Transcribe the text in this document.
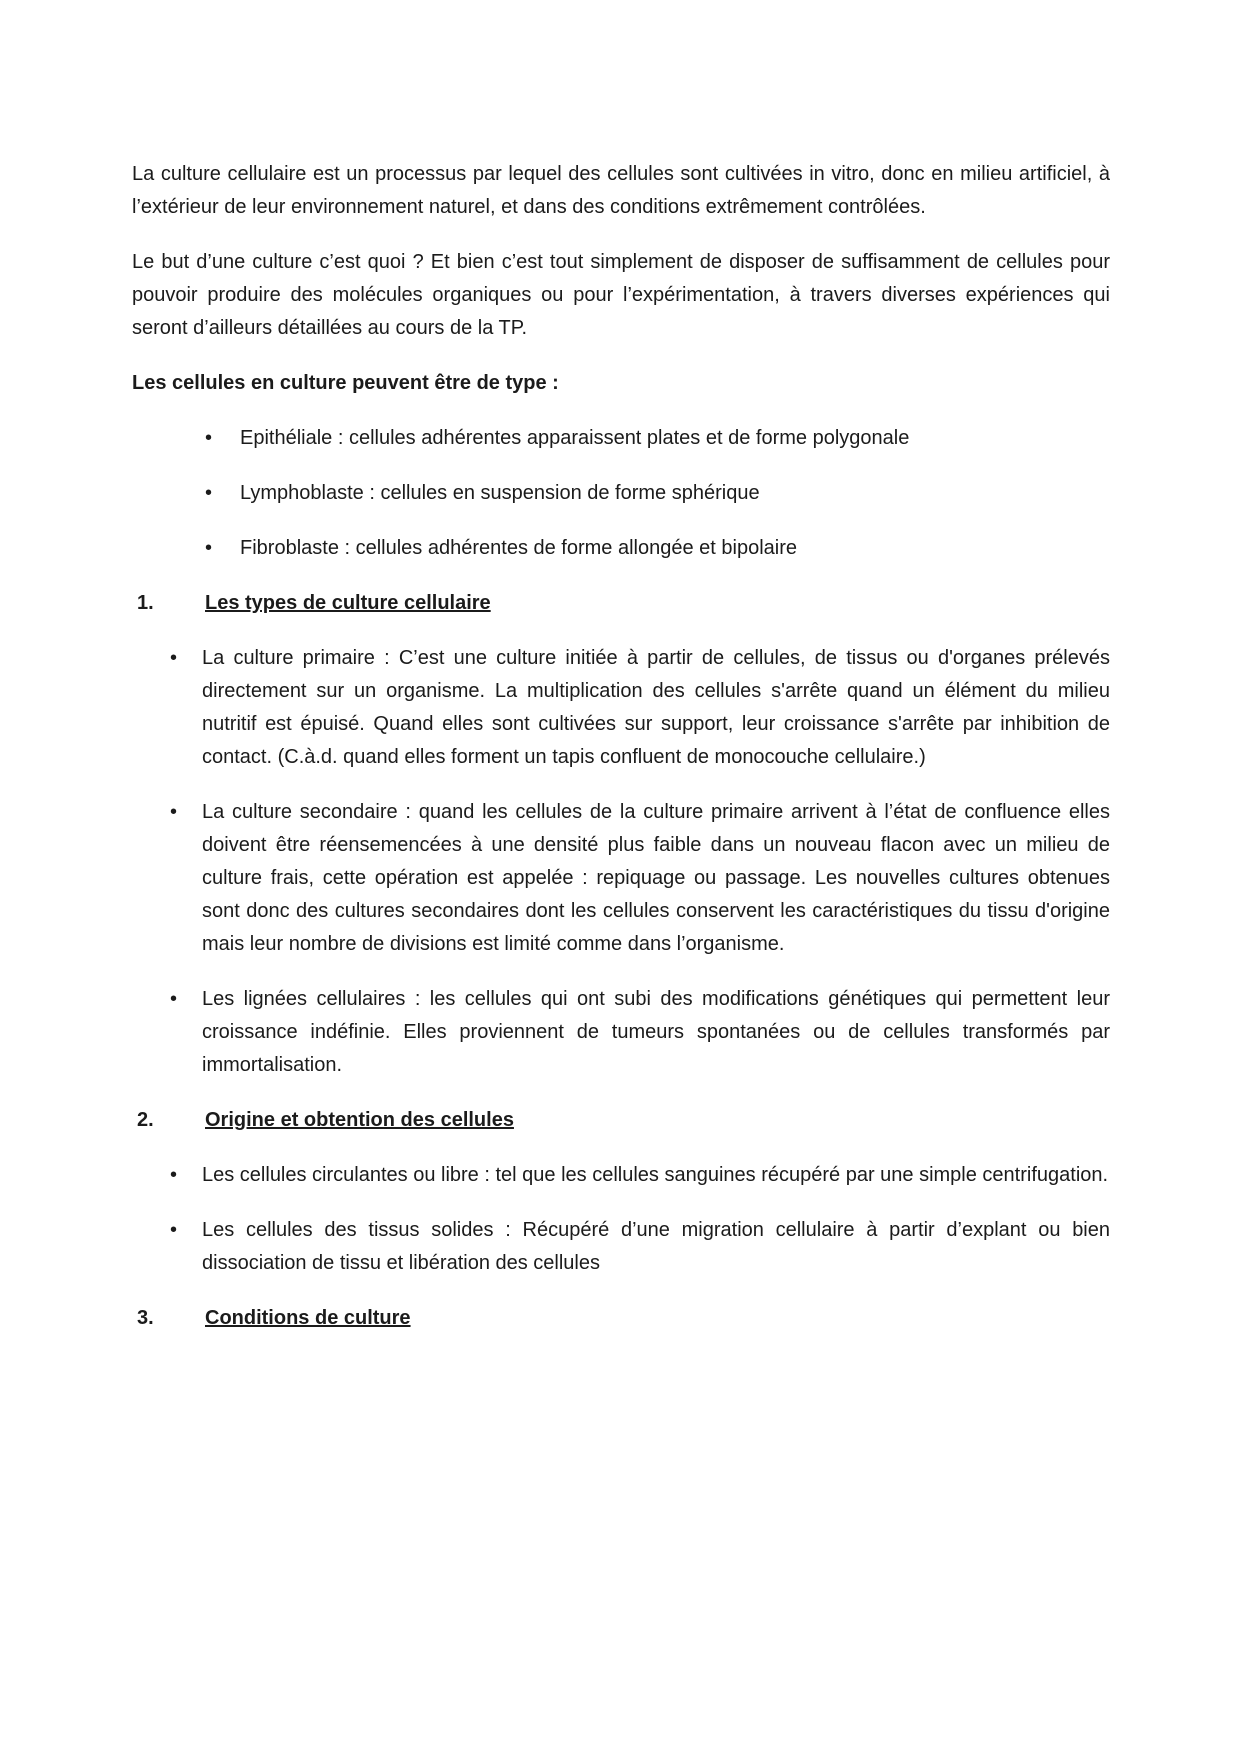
La culture cellulaire est un processus par lequel des cellules sont cultivées in vitro, donc en milieu artificiel, à l’extérieur de leur environnement naturel, et dans des conditions extrêmement contrôlées.

Le but d’une culture c’est quoi ? Et bien c’est tout simplement de disposer de suffisamment de cellules pour pouvoir produire des molécules organiques ou pour l’expérimentation, à travers diverses expériences qui seront d’ailleurs détaillées au cours de la TP.

Les cellules en culture peuvent être de type :

•	Epithéliale : cellules adhérentes apparaissent plates et de forme polygonale
•	Lymphoblaste : cellules en suspension de forme sphérique
•	Fibroblaste : cellules adhérentes de forme allongée et bipolaire
1.	Les types de culture cellulaire
•	La culture primaire : C’est une culture initiée à partir de cellules, de tissus ou d'organes prélevés directement sur un organisme. La multiplication des cellules s'arrête quand un élément du milieu nutritif est épuisé. Quand elles sont cultivées sur support, leur croissance s'arrête par inhibition de contact. (C.à.d. quand elles forment un tapis confluent de monocouche cellulaire.)
•	La culture secondaire : quand les cellules de la culture primaire arrivent à l’état de confluence elles doivent être réensemencées à une densité plus faible dans un nouveau flacon avec un milieu de culture frais, cette opération est appelée : repiquage ou passage. Les nouvelles cultures obtenues sont donc des cultures secondaires dont les cellules conservent les caractéristiques du tissu d'origine mais leur nombre de divisions est limité comme dans l’organisme.
•	Les lignées cellulaires : les cellules qui ont subi des modifications génétiques qui permettent leur croissance indéfinie. Elles proviennent de tumeurs spontanées ou de cellules transformés par immortalisation.
2.	Origine et obtention des cellules
•	Les cellules circulantes ou libre : tel que les cellules sanguines récupéré par une simple centrifugation.
•	Les cellules des tissus solides : Récupéré d’une migration cellulaire à partir d’explant ou bien dissociation de tissu et libération des cellules
3.	Conditions de culture
